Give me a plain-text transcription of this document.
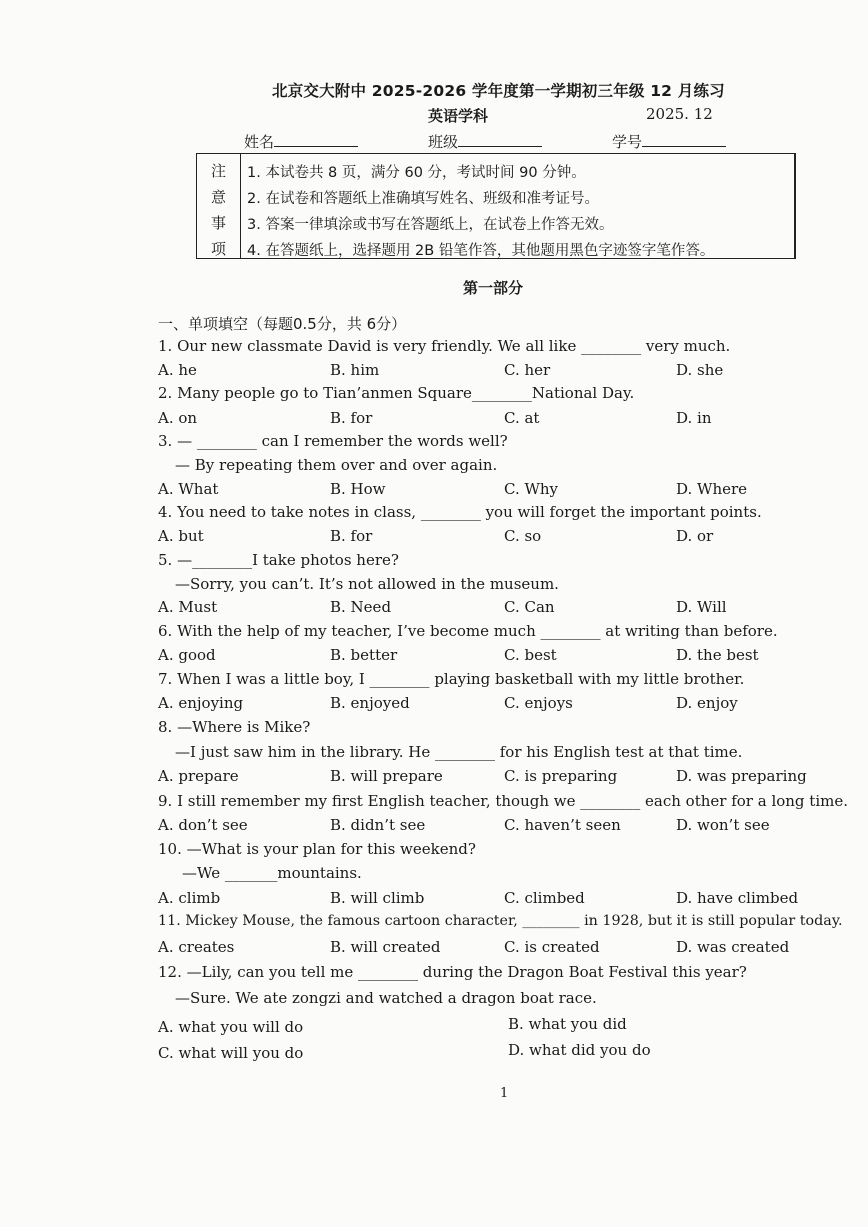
北京交大附中 2025-2026 学年度第一学期初三年级 12 月练习
英语学科	2025. 12
姓名	班级	学号
注
意
事
项
1. 本试卷共 8 页，满分 60 分，考试时间 90 分钟。
2. 在试卷和答题纸上准确填写姓名、班级和准考证号。
3. 答案一律填涂或书写在答题纸上，在试卷上作答无效。
4. 在答题纸上，选择题用 2B 铅笔作答，其他题用黑色字迹签字笔作答。
第一部分
一、单项填空（每题0.5分，共 6分）
1. Our new classmate David is very friendly. We all like ________ very much.
A. he	B. him	C. her	D. she
2. Many people go to Tian’anmen Square________National Day.
A. on	B. for	C. at	D. in
3. — ________ can I remember the words well?
— By repeating them over and over again.
A. What	B. How	C. Why	D. Where
4. You need to take notes in class, ________ you will forget the important points.
A. but	B. for	C. so	D. or
5. —________I take photos here?
—Sorry, you can’t. It’s not allowed in the museum.
A. Must	B. Need	C. Can	D. Will
6. With the help of my teacher, I’ve become much ________ at writing than before.
A. good	B. better	C. best	D. the best
7. When I was a little boy, I ________ playing basketball with my little brother.
A. enjoying	B. enjoyed	C. enjoys	D. enjoy
8. —Where is Mike?
—I just saw him in the library. He ________ for his English test at that time.
A. prepare	B. will prepare	C. is preparing	D. was preparing
9. I still remember my first English teacher, though we ________ each other for a long time.
A. don’t see	B. didn’t see	C. haven’t seen	D. won’t see
10. —What is your plan for this weekend?
—We _______mountains.
A. climb	B. will climb	C. climbed	D. have climbed
11. Mickey Mouse, the famous cartoon character, ________ in 1928, but it is still popular today.
A. creates	B. will created	C. is created	D. was created
12. —Lily, can you tell me ________ during the Dragon Boat Festival this year?
—Sure. We ate zongzi and watched a dragon boat race.
A. what you will do	B. what you did
C. what will you do	D. what did you do
1
